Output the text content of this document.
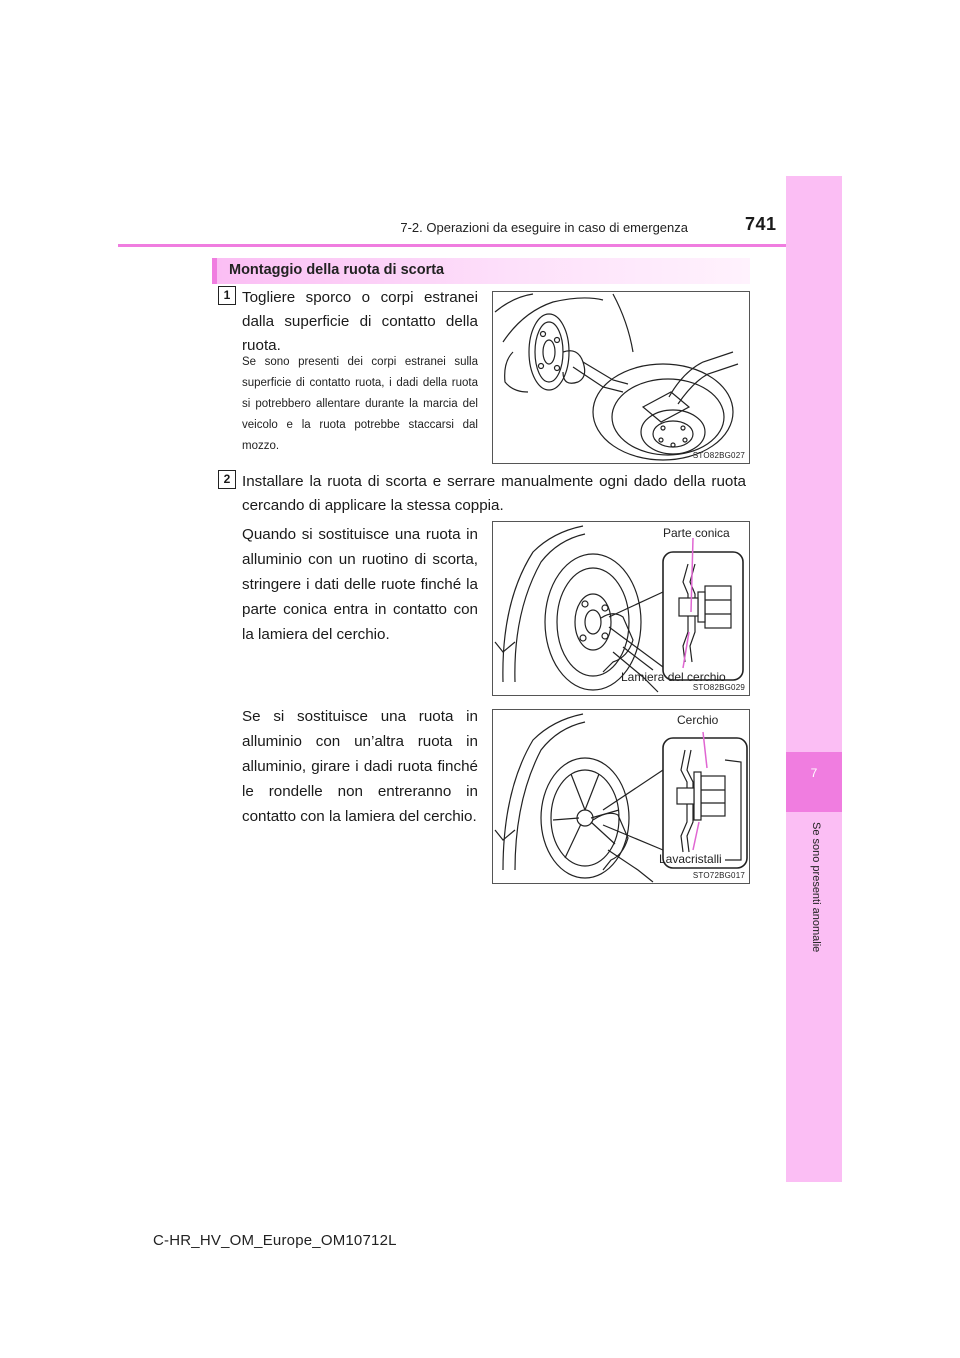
7-2. Operazioni da eseguire in caso di emergenza	741
7
Se sono presenti anomalie
Montaggio della ruota di scorta
1 Togliere sporco o corpi estranei dalla superficie di contatto della ruota.
Se sono presenti dei corpi estranei sulla superficie di contatto ruota, i dadi della ruota si potrebbero allentare durante la marcia del veicolo e la ruota potrebbe staccarsi dal mozzo.
STO82BG027
2 Installare la ruota di scorta e serrare manualmente ogni dado della ruota cercando di applicare la stessa coppia.
Quando si sostituisce una ruota in alluminio con un ruotino di scorta, stringere i dati delle ruote finché la parte conica entra in contatto con la lamiera del cerchio.
Parte conica
Lamiera del cerchio
STO82BG029
Se si sostituisce una ruota in alluminio con un’altra ruota in alluminio, girare i dadi ruota finché le rondelle non entreranno in contatto con la lamiera del cerchio.
Cerchio
Lavacristalli
STO72BG017
C-HR_HV_OM_Europe_OM10712L
